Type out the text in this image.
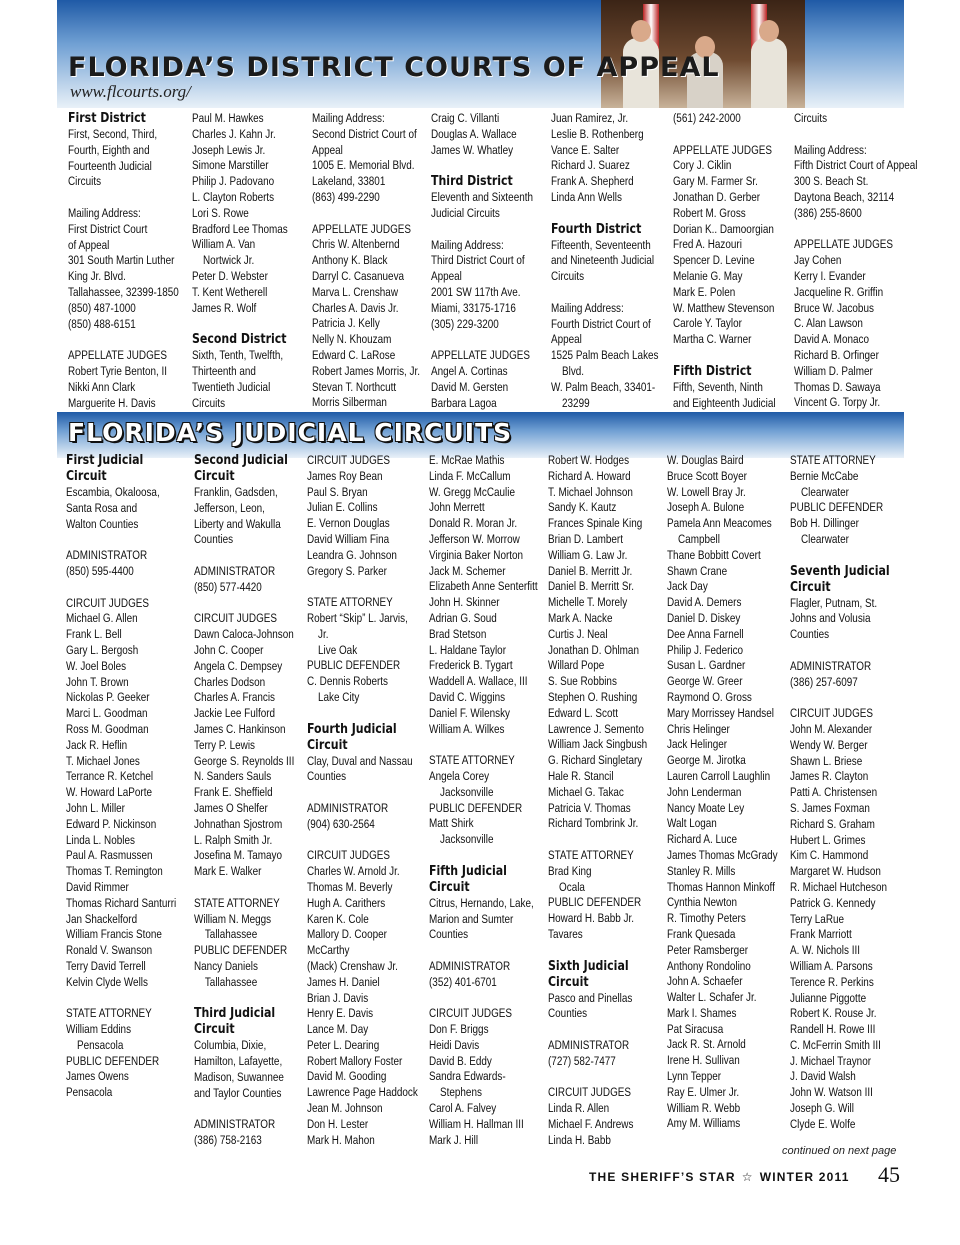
FLORIDA’S DISTRICT COURTS OF APPEAL
www.flcourts.org/
First District
First, Second, Third,
Fourth, Eighth and
Fourteenth Judicial
Circuits
Mailing Address:
First District Court
of Appeal
301 South Martin Luther
King Jr. Blvd.
Tallahassee, 32399-1850
(850) 487-1000
(850) 488-6151
APPELLATE JUDGES
Robert Tyrie Benton, II
Nikki Ann Clark
Marguerite H. Davis
Paul M. Hawkes
Charles J. Kahn Jr.
Joseph Lewis Jr.
Simone Marstiller
Philip J. Padovano
L. Clayton Roberts
Lori S. Rowe
Bradford Lee Thomas
William A. Van
Nortwick Jr.
Peter D. Webster
T. Kent Wetherell
James R. Wolf
Second District
Sixth, Tenth, Twelfth,
Thirteenth and
Twentieth Judicial
Circuits
Mailing Address:
Second District Court of
Appeal
1005 E. Memorial Blvd.
Lakeland, 33801
(863) 499-2290
APPELLATE JUDGES
Chris W. Altenbernd
Anthony K. Black
Darryl C. Casanueva
Marva L. Crenshaw
Charles A. Davis Jr.
Patricia J. Kelly
Nelly N. Khouzam
Edward C. LaRose
Robert James Morris, Jr.
Stevan T. Northcutt
Morris Silberman
Craig C. Villanti
Douglas A. Wallace
James W. Whatley
Third District
Eleventh and Sixteenth
Judicial Circuits
Mailing Address:
Third District Court of
Appeal
2001 SW 117th Ave.
Miami, 33175-1716
(305) 229-3200
APPELLATE JUDGES
Angel A. Cortinas
David M. Gersten
Barbara Lagoa
Juan Ramirez, Jr.
Leslie B. Rothenberg
Vance E. Salter
Richard J. Suarez
Frank A. Shepherd
Linda Ann Wells
Fourth District
Fifteenth, Seventeenth
and Nineteenth Judicial
Circuits
Mailing Address:
Fourth District Court of
Appeal
1525 Palm Beach Lakes
Blvd.
W. Palm Beach, 33401-
23299
(561) 242-2000
APPELLATE JUDGES
Cory J. Ciklin
Gary M. Farmer Sr.
Jonathan D. Gerber
Robert M. Gross
Dorian K.. Damoorgian
Fred A. Hazouri
Spencer D. Levine
Melanie G. May
Mark E. Polen
W. Matthew Stevenson
Carole Y. Taylor
Martha C. Warner
Fifth District
Fifth, Seventh, Ninth
and Eighteenth Judicial
Circuits
Mailing Address:
Fifth District Court of Appeal
300 S. Beach St.
Daytona Beach, 32114
(386) 255-8600
APPELLATE JUDGES
Jay Cohen
Kerry I. Evander
Jacqueline R. Griffin
Bruce W. Jacobus
C. Alan Lawson
David A. Monaco
Richard B. Orfinger
William D. Palmer
Thomas D. Sawaya
Vincent G. Torpy Jr.
FLORIDA’S JUDICIAL CIRCUITS
First Judicial
Circuit
Escambia, Okaloosa,
Santa Rosa and
Walton Counties
ADMINISTRATOR
(850) 595-4400
CIRCUIT JUDGES
Michael G. Allen
Frank L. Bell
Gary L. Bergosh
W. Joel Boles
John T. Brown
Nickolas P. Geeker
Marci L. Goodman
Ross M. Goodman
Jack R. Heflin
T. Michael Jones
Terrance R. Ketchel
W. Howard LaPorte
John L. Miller
Edward P. Nickinson
Linda L. Nobles
Paul A. Rasmussen
Thomas T. Remington
David Rimmer
Thomas Richard Santurri
Jan Shackelford
William Francis Stone
Ronald V. Swanson
Terry David Terrell
Kelvin Clyde Wells
STATE ATTORNEY
William Eddins
Pensacola
PUBLIC DEFENDER
James Owens
Pensacola
Second Judicial
Circuit
Franklin, Gadsden,
Jefferson, Leon,
Liberty and Wakulla
Counties
ADMINISTRATOR
(850) 577-4420
CIRCUIT JUDGES
Dawn Caloca-Johnson
John C. Cooper
Angela C. Dempsey
Charles Dodson
Charles A. Francis
Jackie Lee Fulford
James C. Hankinson
Terry P. Lewis
George S. Reynolds III
N. Sanders Sauls
Frank E. Sheffield
James O Shelfer
Johnathan Sjostrom
L. Ralph Smith Jr.
Josefina M. Tamayo
Mark E. Walker
STATE ATTORNEY
William N. Meggs
Tallahassee
PUBLIC DEFENDER
Nancy Daniels
Tallahassee
Third Judicial
Circuit
Columbia, Dixie,
Hamilton, Lafayette,
Madison, Suwannee
and Taylor Counties
ADMINISTRATOR
(386) 758-2163
CIRCUIT JUDGES
James Roy Bean
Paul S. Bryan
Julian E. Collins
E. Vernon Douglas
David William Fina
Leandra G. Johnson
Gregory S. Parker
STATE ATTORNEY
Robert “Skip” L. Jarvis,
Jr.
Live Oak
PUBLIC DEFENDER
C. Dennis Roberts
Lake City
Fourth Judicial
Circuit
Clay, Duval and Nassau
Counties
ADMINISTRATOR
(904) 630-2564
CIRCUIT JUDGES
Charles W. Arnold Jr.
Thomas M. Beverly
Hugh A. Carithers
Karen K. Cole
Mallory D. Cooper
McCarthy
(Mack) Crenshaw Jr.
James H. Daniel
Brian J. Davis
Henry E. Davis
Lance M. Day
Peter L. Dearing
Robert Mallory Foster
David M. Gooding
Lawrence Page Haddock
Jean M. Johnson
Don H. Lester
Mark H. Mahon
E. McRae Mathis
Linda F. McCallum
W. Gregg McCaulie
John Merrett
Donald R. Moran Jr.
Jefferson W. Morrow
Virginia Baker Norton
Jack M. Schemer
Elizabeth Anne Senterfitt
John H. Skinner
Adrian G. Soud
Brad Stetson
L. Haldane Taylor
Frederick B. Tygart
Waddell A. Wallace, III
David C. Wiggins
Daniel F. Wilensky
William A. Wilkes
STATE ATTORNEY
Angela Corey
Jacksonville
PUBLIC DEFENDER
Matt Shirk
Jacksonville
Fifth Judicial
Circuit
Citrus, Hernando, Lake,
Marion and Sumter
Counties
ADMINISTRATOR
(352) 401-6701
CIRCUIT JUDGES
Don F. Briggs
Heidi Davis
David B. Eddy
Sandra Edwards-
Stephens
Carol A. Falvey
William H. Hallman III
Mark J. Hill
Robert W. Hodges
Richard A. Howard
T. Michael Johnson
Sandy K. Kautz
Frances Spinale King
Brian D. Lambert
William G. Law Jr.
Daniel B. Merritt Jr.
Daniel B. Merritt Sr.
Michelle T. Morely
Mark A. Nacke
Curtis J. Neal
Jonathan D. Ohlman
Willard Pope
S. Sue Robbins
Stephen O. Rushing
Edward L. Scott
Lawrence J. Semento
William Jack Singbush
G. Richard Singletary
Hale R. Stancil
Michael G. Takac
Patricia V. Thomas
Richard Tombrink Jr.
STATE ATTORNEY
Brad King
Ocala
PUBLIC DEFENDER
Howard H. Babb Jr.
Tavares
Sixth Judicial
Circuit
Pasco and Pinellas
Counties
ADMINISTRATOR
(727) 582-7477
CIRCUIT JUDGES
Linda R. Allen
Michael F. Andrews
Linda H. Babb
W. Douglas Baird
Bruce Scott Boyer
W. Lowell Bray Jr.
Joseph A. Bulone
Pamela Ann Meacomes
Campbell
Thane Bobbitt Covert
Shawn Crane
Jack Day
David A. Demers
Daniel D. Diskey
Dee Anna Farnell
Philip J. Federico
Susan L. Gardner
George W. Greer
Raymond O. Gross
Mary Morrissey Handsel
Chris Helinger
Jack Helinger
George M. Jirotka
Lauren Carroll Laughlin
John Lenderman
Nancy Moate Ley
Walt Logan
Richard A. Luce
James Thomas McGrady
Stanley R. Mills
Thomas Hannon Minkoff
Cynthia Newton
R. Timothy Peters
Frank Quesada
Peter Ramsberger
Anthony Rondolino
John A. Schaefer
Walter L. Schafer Jr.
Mark I. Shames
Pat Siracusa
Jack R. St. Arnold
Irene H. Sullivan
Lynn Tepper
Ray E. Ulmer Jr.
William R. Webb
Amy M. Williams
STATE ATTORNEY
Bernie McCabe
Clearwater
PUBLIC DEFENDER
Bob H. Dillinger
Clearwater
Seventh Judicial
Circuit
Flagler, Putnam, St.
Johns and Volusia
Counties
ADMINISTRATOR
(386) 257-6097
CIRCUIT JUDGES
John M. Alexander
Wendy W. Berger
Shawn L. Briese
James R. Clayton
Patti A. Christensen
S. James Foxman
Richard S. Graham
Hubert L. Grimes
Kim C. Hammond
Margaret W. Hudson
R. Michael Hutcheson
Patrick G. Kennedy
Terry LaRue
Frank Marriott
A. W. Nichols III
William A. Parsons
Terence R. Perkins
Julianne Piggotte
Robert K. Rouse Jr.
Randell H. Rowe III
C. McFerrin Smith III
J. Michael Traynor
J. David Walsh
John W. Watson III
Joseph G. Will
Clyde E. Wolfe
continued on next page
THE SHERIFF’S STAR ☆ WINTER 2011 45
